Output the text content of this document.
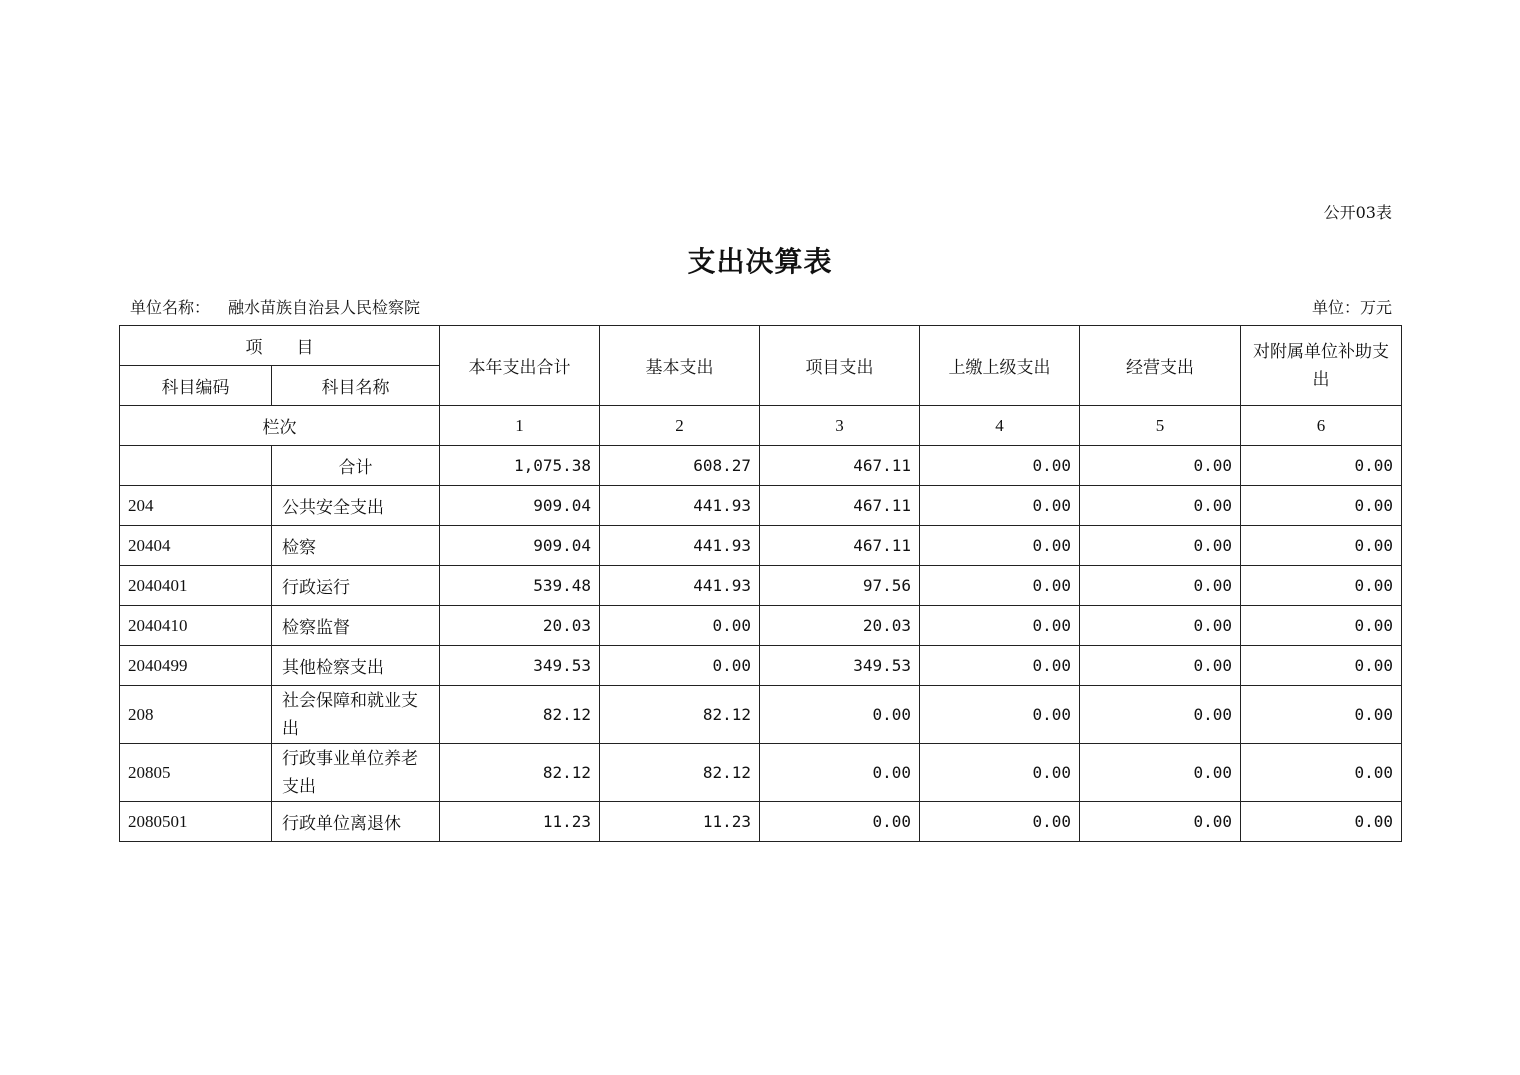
公开03表
支出决算表
单位名称： 融水苗族自治县人民检察院	单位：万元
项　　目		本年支出合计	基本支出	项目支出	上缴上级支出	经营支出	对附属单位补助支出
科目编码	科目名称						
栏次		1	2	3	4	5	6
	合计	1,075.38	608.27	467.11	0.00	0.00	0.00
204	公共安全支出	909.04	441.93	467.11	0.00	0.00	0.00
20404	检察	909.04	441.93	467.11	0.00	0.00	0.00
2040401	行政运行	539.48	441.93	97.56	0.00	0.00	0.00
2040410	检察监督	20.03	0.00	20.03	0.00	0.00	0.00
2040499	其他检察支出	349.53	0.00	349.53	0.00	0.00	0.00
208	社会保障和就业支出	82.12	82.12	0.00	0.00	0.00	0.00
20805	行政事业单位养老支出	82.12	82.12	0.00	0.00	0.00	0.00
2080501	行政单位离退休	11.23	11.23	0.00	0.00	0.00	0.00
